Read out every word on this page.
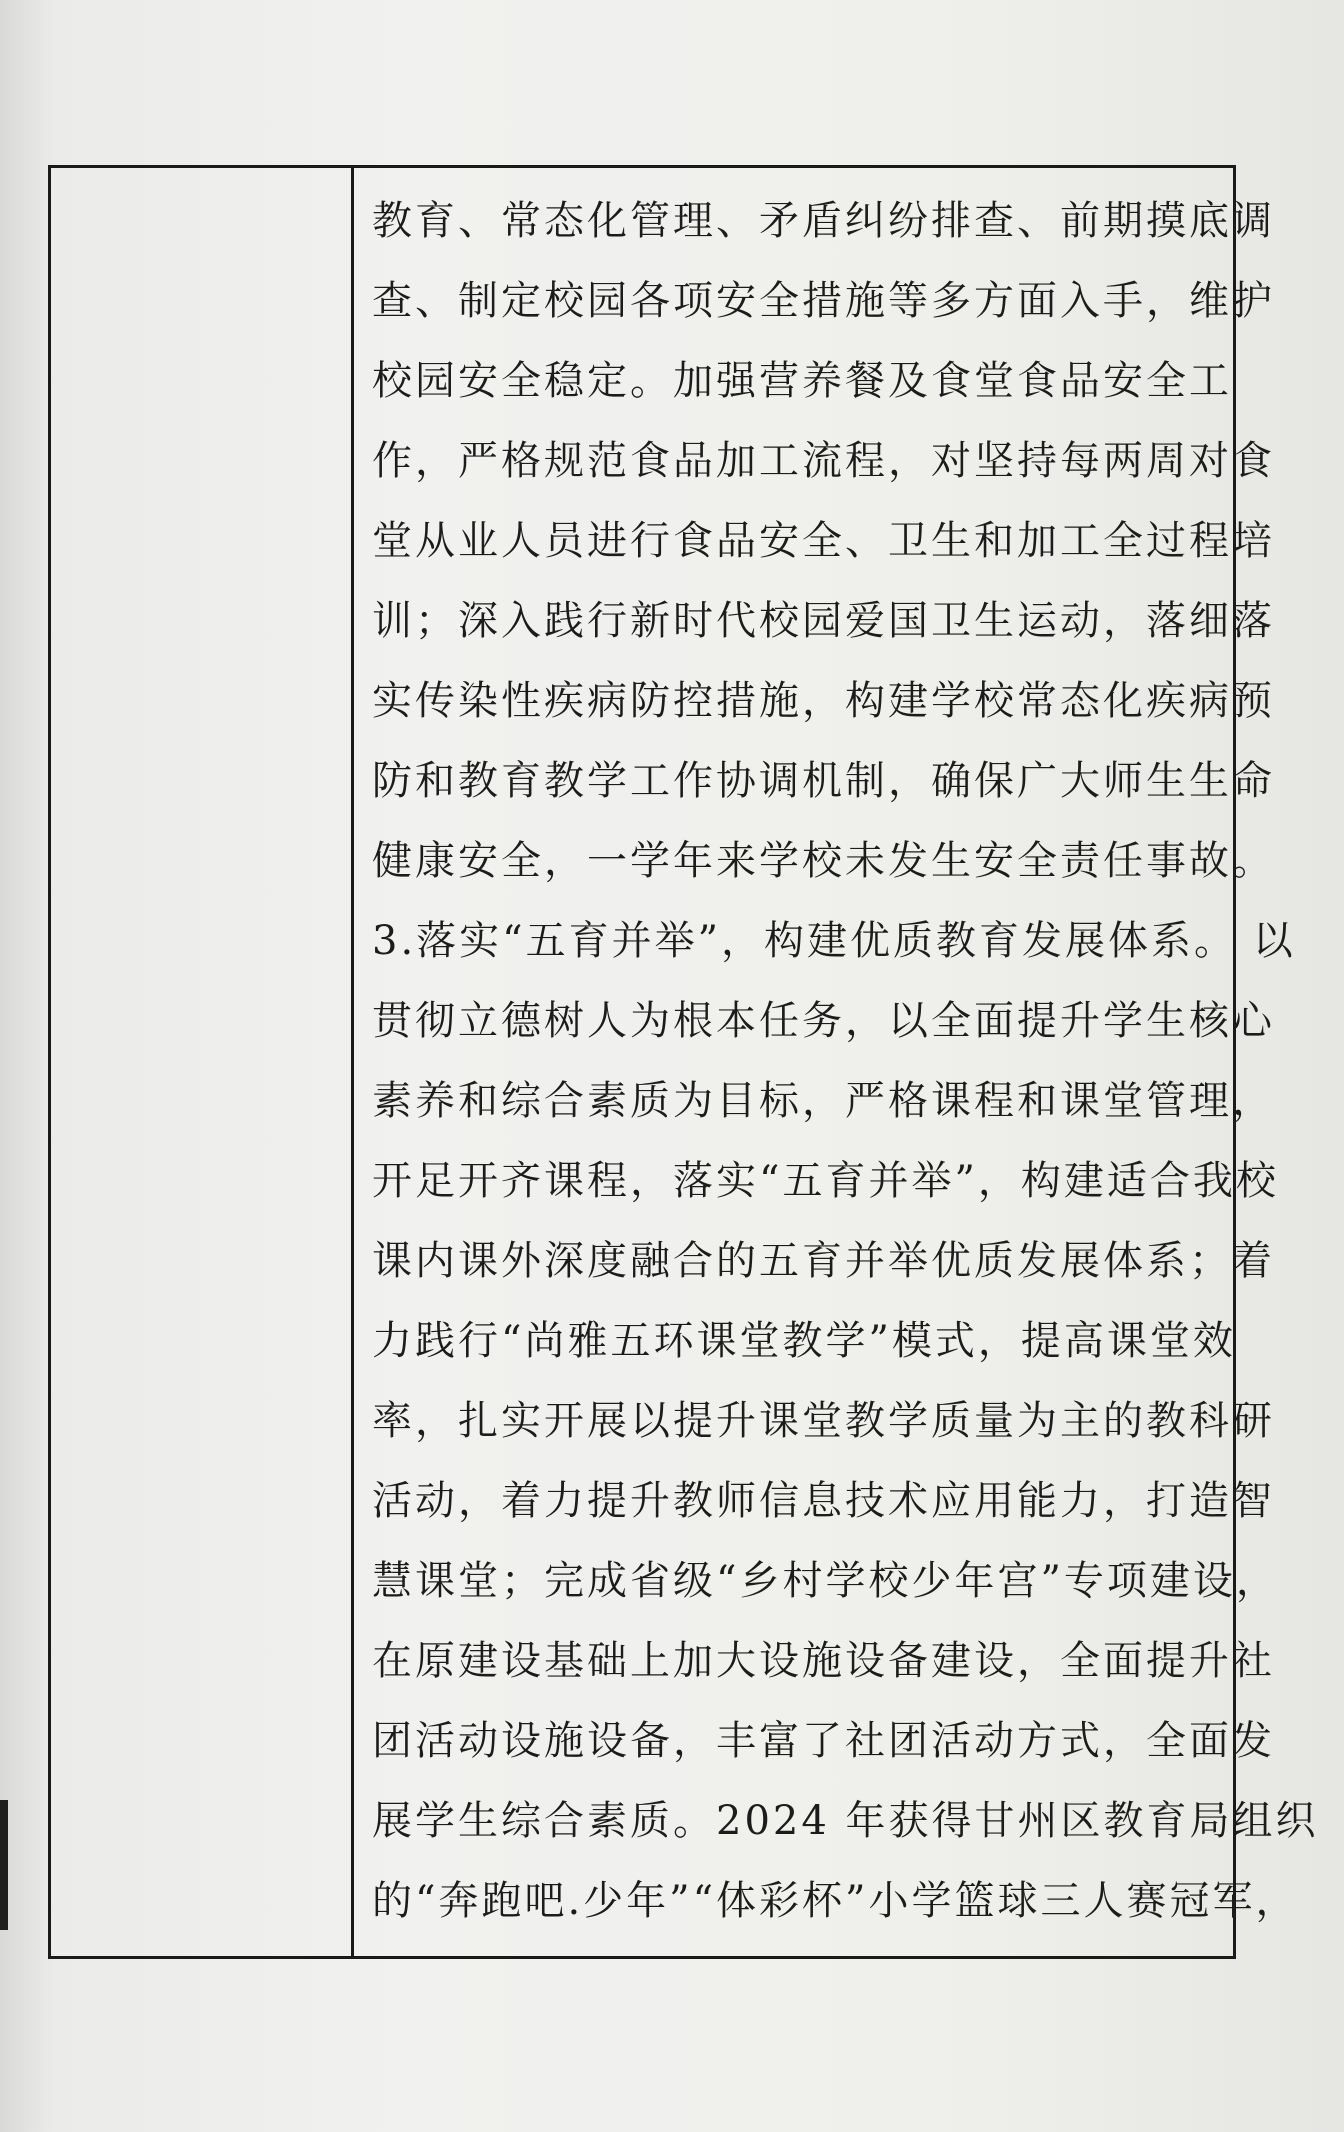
教育、常态化管理、矛盾纠纷排查、前期摸底调
查、制定校园各项安全措施等多方面入手，维护
校园安全稳定。加强营养餐及食堂食品安全工
作，严格规范食品加工流程，对坚持每两周对食
堂从业人员进行食品安全、卫生和加工全过程培
训；深入践行新时代校园爱国卫生运动，落细落
实传染性疾病防控措施，构建学校常态化疾病预
防和教育教学工作协调机制，确保广大师生生命
健康安全，一学年来学校未发生安全责任事故。
3.落实“五育并举”，构建优质教育发展体系。 以
贯彻立德树人为根本任务，以全面提升学生核心
素养和综合素质为目标，严格课程和课堂管理，
开足开齐课程，落实“五育并举”，构建适合我校
课内课外深度融合的五育并举优质发展体系；着
力践行“尚雅五环课堂教学”模式，提高课堂效
率，扎实开展以提升课堂教学质量为主的教科研
活动，着力提升教师信息技术应用能力，打造智
慧课堂；完成省级“乡村学校少年宫”专项建设，
在原建设基础上加大设施设备建设，全面提升社
团活动设施设备，丰富了社团活动方式，全面发
展学生综合素质。2024 年获得甘州区教育局组织
的“奔跑吧.少年”“体彩杯”小学篮球三人赛冠军，
